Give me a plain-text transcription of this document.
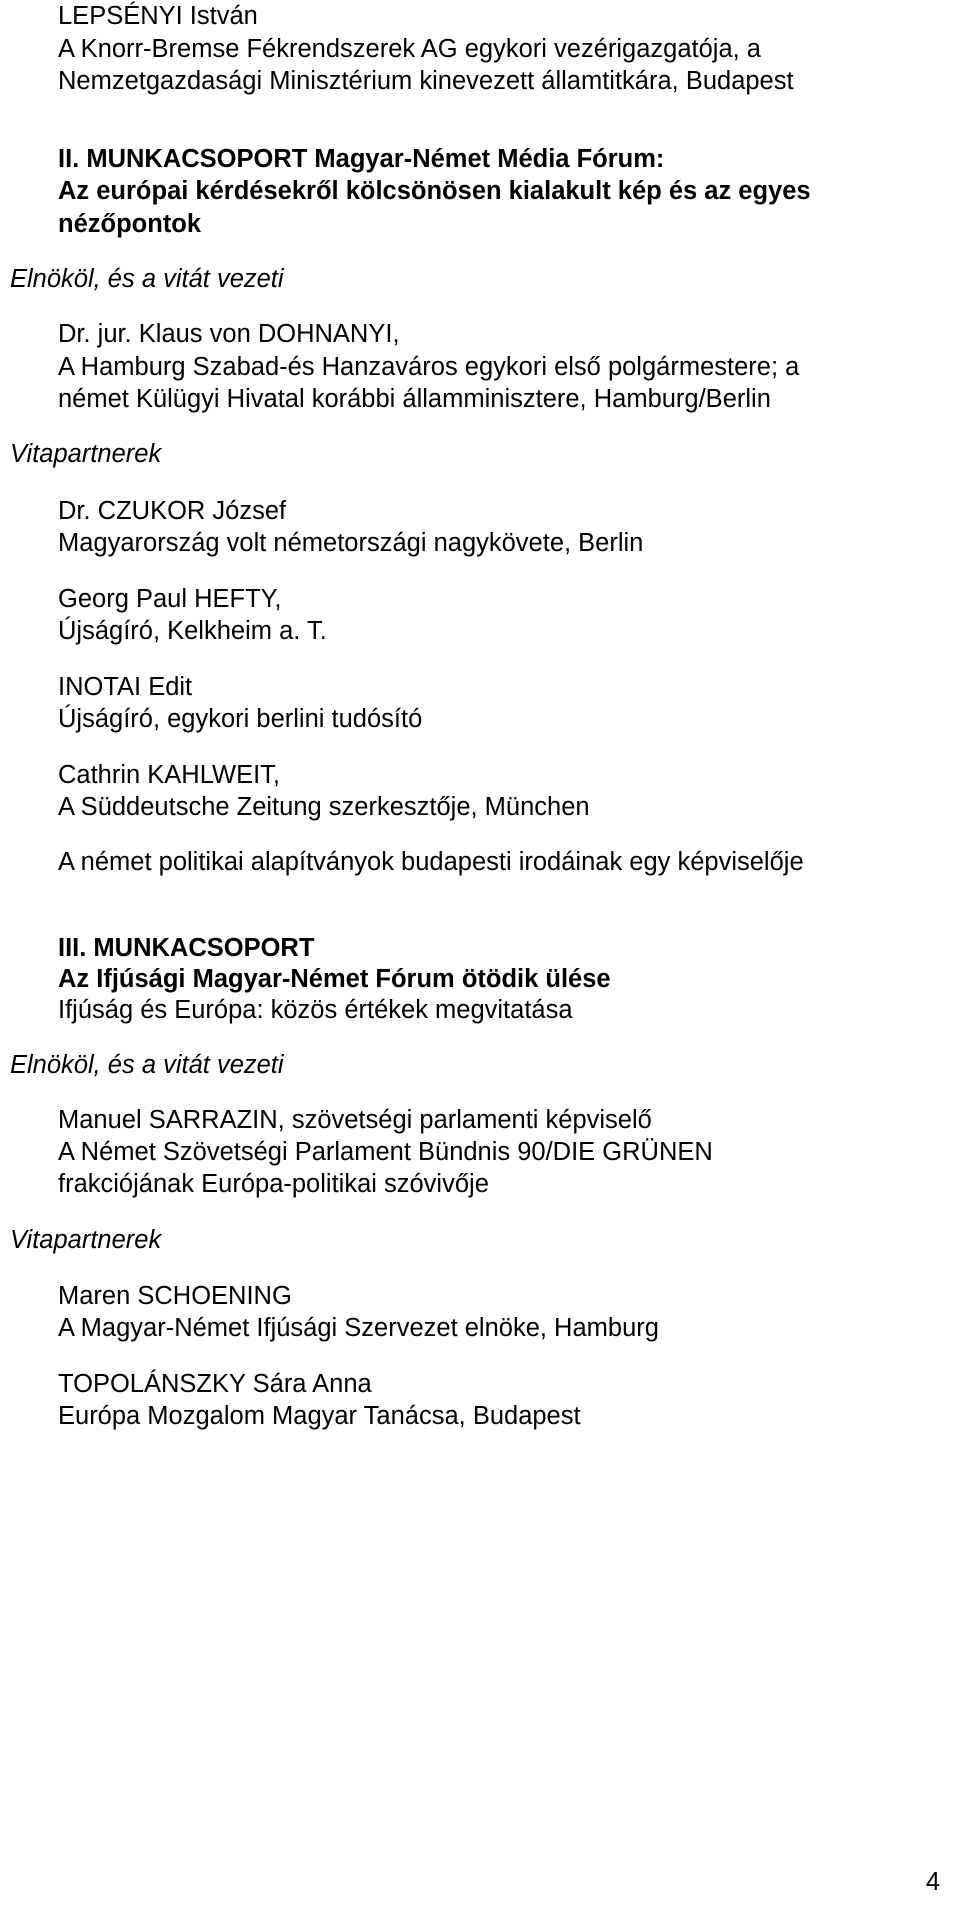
LEPSÉNYI István
A Knorr-Bremse Fékrendszerek AG egykori vezérigazgatója, a
Nemzetgazdasági Minisztérium kinevezett államtitkára, Budapest
II. MUNKACSOPORT Magyar-Német Média Fórum:
Az európai kérdésekről kölcsönösen kialakult kép és az egyes
nézőpontok
Elnököl, és a vitát vezeti
Dr. jur. Klaus von DOHNANYI,
A Hamburg Szabad-és Hanzaváros egykori első polgármestere; a
német Külügyi Hivatal korábbi államminisztere, Hamburg/Berlin
Vitapartnerek
Dr. CZUKOR József
Magyarország volt németországi nagykövete, Berlin
Georg Paul HEFTY,
Újságíró, Kelkheim a. T.
INOTAI Edit
Újságíró, egykori berlini tudósító
Cathrin KAHLWEIT,
A Süddeutsche Zeitung szerkesztője, München
A német politikai alapítványok budapesti irodáinak egy képviselője
III. MUNKACSOPORT
Az Ifjúsági Magyar-Német Fórum ötödik ülése
Ifjúság és Európa: közös értékek megvitatása
Elnököl, és a vitát vezeti
Manuel SARRAZIN, szövetségi parlamenti képviselő
A Német Szövetségi Parlament Bündnis 90/DIE GRÜNEN
frakciójának Európa-politikai szóvivője
Vitapartnerek
Maren SCHOENING
A Magyar-Német Ifjúsági Szervezet elnöke, Hamburg
TOPOLÁNSZKY Sára Anna
Európa Mozgalom Magyar Tanácsa, Budapest
4
